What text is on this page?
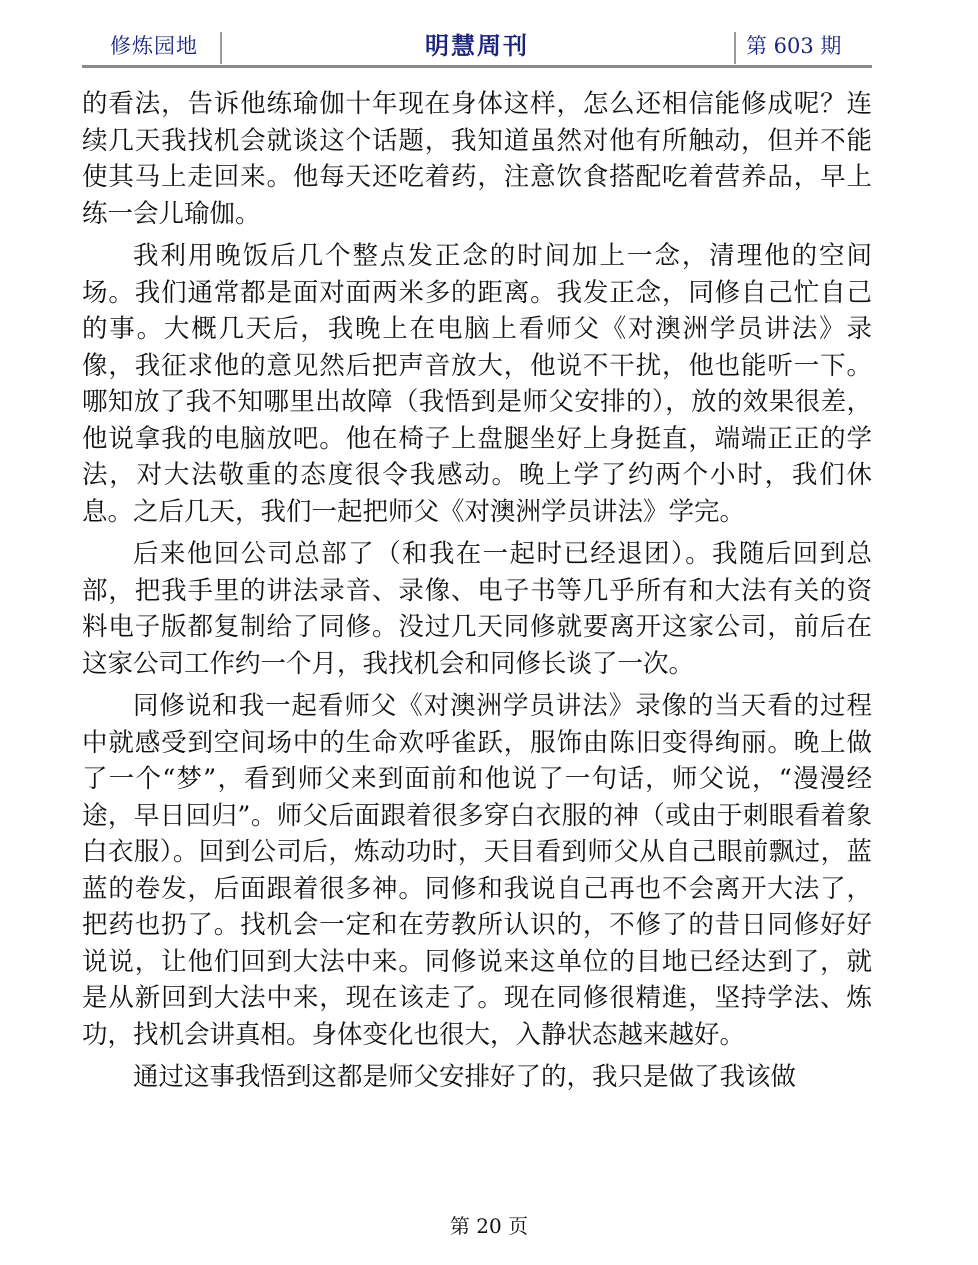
修炼园地	明慧周刊	第 603 期

的看法，告诉他练瑜伽十年现在身体这样，怎么还相信能修成呢？连续几天我找机会就谈这个话题，我知道虽然对他有所触动，但并不能使其马上走回来。他每天还吃着药，注意饮食搭配吃着营养品，早上练一会儿瑜伽。

我利用晚饭后几个整点发正念的时间加上一念，清理他的空间场。我们通常都是面对面两米多的距离。我发正念，同修自己忙自己的事。大概几天后，我晚上在电脑上看师父《对澳洲学员讲法》录像，我征求他的意见然后把声音放大，他说不干扰，他也能听一下。哪知放了我不知哪里出故障（我悟到是师父安排的），放的效果很差，他说拿我的电脑放吧。他在椅子上盘腿坐好上身挺直，端端正正的学法，对大法敬重的态度很令我感动。晚上学了约两个小时，我们休息。之后几天，我们一起把师父《对澳洲学员讲法》学完。

后来他回公司总部了（和我在一起时已经退团）。我随后回到总部，把我手里的讲法录音、录像、电子书等几乎所有和大法有关的资料电子版都复制给了同修。没过几天同修就要离开这家公司，前后在这家公司工作约一个月，我找机会和同修长谈了一次。

同修说和我一起看师父《对澳洲学员讲法》录像的当天看的过程中就感受到空间场中的生命欢呼雀跃，服饰由陈旧变得绚丽。晚上做了一个“梦”，看到师父来到面前和他说了一句话，师父说，“漫漫经途，早日回归”。师父后面跟着很多穿白衣服的神（或由于刺眼看着象白衣服）。回到公司后，炼动功时，天目看到师父从自己眼前飘过，蓝蓝的卷发，后面跟着很多神。同修和我说自己再也不会离开大法了，把药也扔了。找机会一定和在劳教所认识的，不修了的昔日同修好好说说，让他们回到大法中来。同修说来这单位的目地已经达到了，就是从新回到大法中来，现在该走了。现在同修很精進，坚持学法、炼功，找机会讲真相。身体变化也很大，入静状态越来越好。

通过这事我悟到这都是师父安排好了的，我只是做了我该做

第 20 页
